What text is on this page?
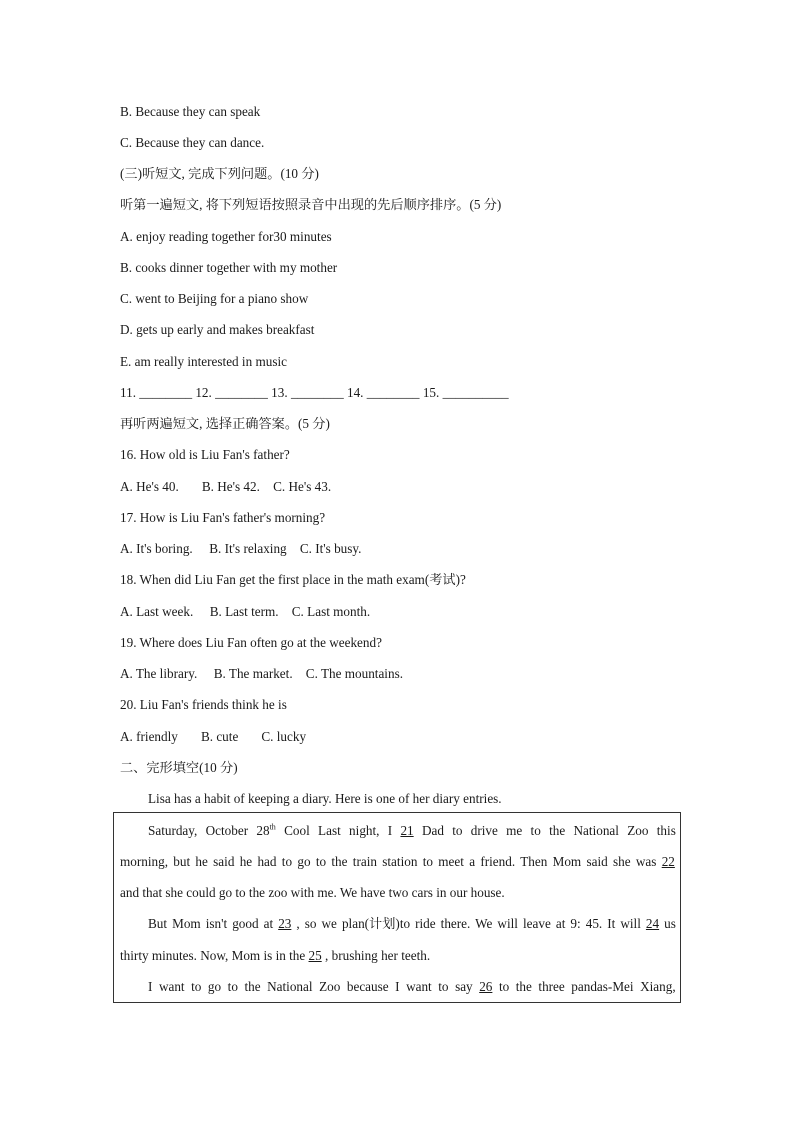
B. Because they can speak
C. Because they can dance.
(三)听短文, 完成下列问题。(10 分)
听第一遍短文, 将下列短语按照录音中出现的先后顺序排序。(5 分)
A. enjoy reading together for30 minutes
B. cooks dinner together with my mother
C. went to Beijing for a piano show
D. gets up early and makes breakfast
E. am really interested in music
11. ________ 12. ________ 13. ________ 14. ________ 15. __________
再听两遍短文, 选择正确答案。(5 分)
16. How old is Liu Fan's father?
A. He's 40.       B. He's 42.    C. He's 43.
17. How is Liu Fan's father's morning?
A. It's boring.     B. It's relaxing    C. It's busy.
18. When did Liu Fan get the first place in the math exam(考试)?
A. Last week.     B. Last term.    C. Last month.
19. Where does Liu Fan often go at the weekend?
A. The library.     B. The market.    C. The mountains.
20. Liu Fan's friends think he is
A. friendly       B. cute       C. lucky
二、完形填空(10 分)
Lisa has a habit of keeping a diary. Here is one of her diary entries.
Saturday, October 28th Cool Last night, I 21 Dad to drive me to the National Zoo this
morning, but he said he had to go to the train station to meet a friend. Then Mom said she was 22
and that she could go to the zoo with me. We have two cars in our house.
But Mom isn't good at 23 , so we plan(计划)to ride there. We will leave at 9: 45. It will 24 us
thirty minutes. Now, Mom is in the 25 , brushing her teeth.
I want to go to the National Zoo because I want to say 26 to the three pandas-Mei Xiang,
